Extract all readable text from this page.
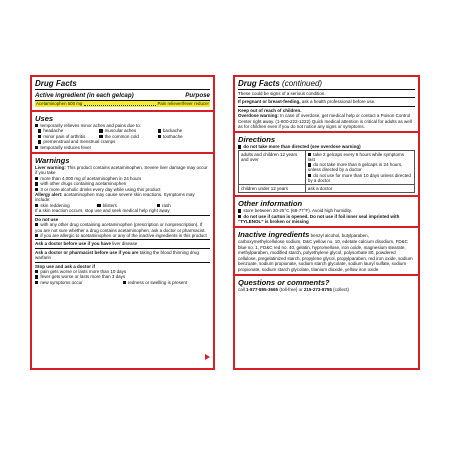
Drug Facts
Active ingredient (in each gelcap)	Purpose
Acetaminophen 500 mg	Pain reliever/fever reducer
Uses
temporarily relieves minor aches and pains due to:
headache	muscular aches	backache
minor pain of arthritis	the common cold	toothache
premenstrual and menstrual cramps
temporarily reduces fever
Warnings
Liver warning: This product contains acetaminophen. Severe liver damage may occur if you take
more than 4,000 mg of acetaminophen in 24 hours
with other drugs containing acetaminophen
3 or more alcoholic drinks every day while using this product
Allergy alert: acetaminophen may cause severe skin reactions. Symptoms may include:
skin reddening	blisters	rash
If a skin reaction occurs, stop use and seek medical help right away
Do not use
with any other drug containing acetaminophen (prescription or nonprescription). If you are not sure whether a drug contains acetaminophen, ask a doctor or pharmacist.
if you are allergic to acetaminophen or any of the inactive ingredients in this product
Ask a doctor before use if you have liver disease
Ask a doctor or pharmacist before use if you are taking the blood thinning drug warfarin
Stop use and ask a doctor if
pain gets worse or lasts more than 10 days
fever gets worse or lasts more than 3 days
new symptoms occur	redness or swelling is present
Drug Facts (continued)
These could be signs of a serious condition.
If pregnant or breast-feeding, ask a health professional before use.
Keep out of reach of children.
Overdose warning: In case of overdose, get medical help or contact a Poison Control Center right away. (1-800-222-1222) Quick medical attention is critical for adults as well as for children even if you do not notice any signs or symptoms.
Directions
do not take more than directed (see overdose warning)
adults and children 12 years and over	take 2 gelcaps every 6 hours while symptoms last
do not take more than 6 gelcaps in 24 hours, unless directed by a doctor
do not use for more than 10 days unless directed by a doctor

children under 12 years	ask a doctor
Other information
store between 20-25°C (68-77°F). Avoid high humidity.
do not use if carton is opened. Do not use if foil inner seal imprinted with “TYLENOL” is broken or missing
Inactive ingredients benzyl alcohol, butylparaben, carboxymethylcellulose sodium, D&C yellow no. 10, edetate calcium disodium, FD&C blue no. 1, FD&C red no. 40, gelatin, hypromellose, iron oxide, magnesium stearate, methylparaben, modified starch, polyethylene glycol, polysorbate 80, powdered cellulose, pregelatinized starch, propylene glycol, propylparaben, red iron oxide, sodium benzoate, sodium propionate, sodium starch glycolate, sodium lauryl sulfate, sodium propionate, sodium starch glycolate, titanium dioxide, yellow iron oxide
Questions or comments?
call 1-877-895-3665 (toll-free) or 215-273-8755 (collect)
